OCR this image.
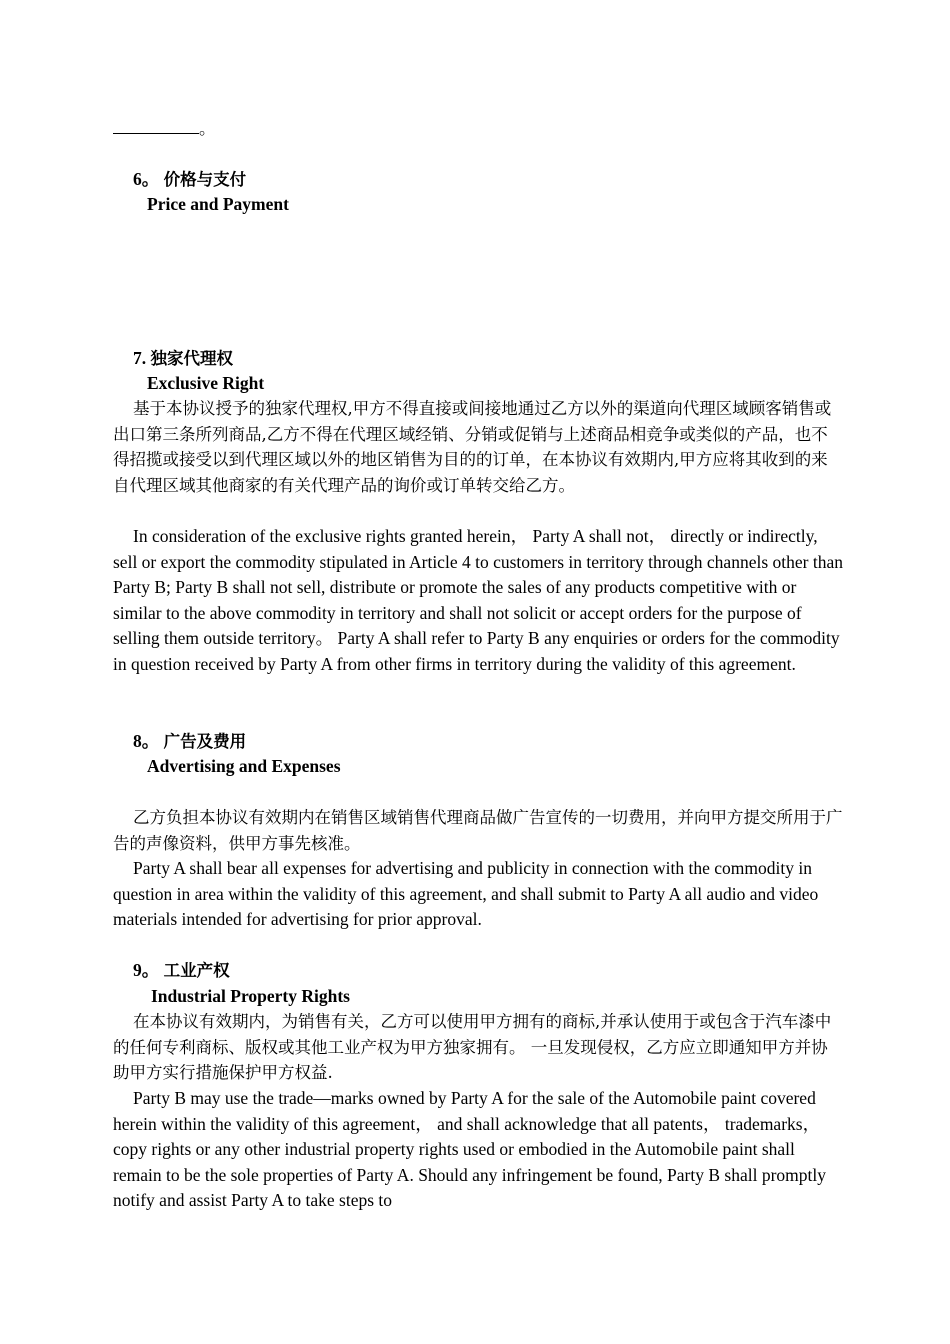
。

6。 价格与支付

Price and Payment

7. 独家代理权

Exclusive Right

基于本协议授予的独家代理权,甲方不得直接或间接地通过乙方以外的渠道向代理区域顾客销售或出口第三条所列商品,乙方不得在代理区域经销、分销或促销与上述商品相竞争或类似的产品，也不得招揽或接受以到代理区域以外的地区销售为目的的订单，在本协议有效期内,甲方应将其收到的来自代理区域其他商家的有关代理产品的询价或订单转交给乙方。

In consideration of the exclusive rights granted herein， Party A shall not， directly or indirectly, sell or export the commodity stipulated in Article 4 to customers in territory through channels other than Party B; Party B shall not sell, distribute or promote the sales of any products competitive with or similar to the above commodity in territory and shall not solicit or accept orders for the purpose of selling them outside territory。 Party A shall refer to Party B any enquiries or orders for the commodity in question received by Party A from other firms in territory during the validity of this agreement.

8。 广告及费用

Advertising and Expenses

乙方负担本协议有效期内在销售区域销售代理商品做广告宣传的一切费用，并向甲方提交所用于广告的声像资料，供甲方事先核准。

Party A shall bear all expenses for advertising and publicity in connection with the commodity in question in area within the validity of this agreement, and shall submit to Party A all audio and video materials intended for advertising for prior approval.

9。 工业产权

Industrial Property Rights

在本协议有效期内，为销售有关，乙方可以使用甲方拥有的商标,并承认使用于或包含于汽车漆中的任何专利商标、版权或其他工业产权为甲方独家拥有。 一旦发现侵权，乙方应立即通知甲方并协助甲方实行措施保护甲方权益.

Party B may use the trade—marks owned by Party A for the sale of the Automobile paint covered herein within the validity of this agreement， and shall acknowledge that all patents， trademarks， copy rights or any other industrial property rights used or embodied in the Automobile paint shall remain to be the sole properties of Party A. Should any infringement be found, Party B shall promptly notify and assist Party A to take steps to
